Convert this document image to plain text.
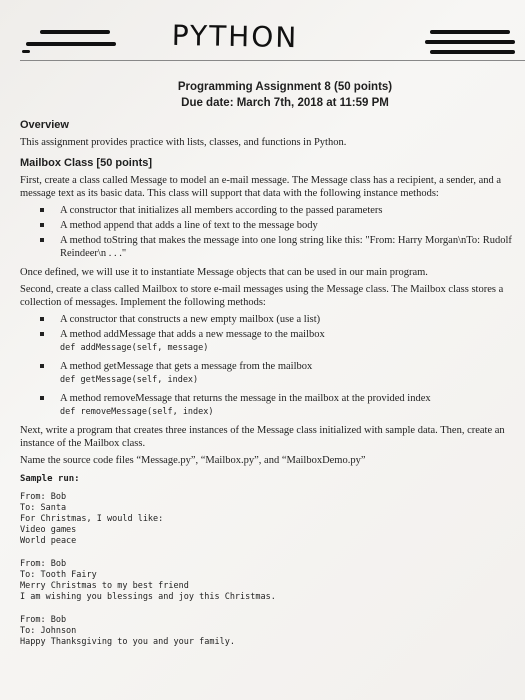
PYTHON
Programming Assignment 8 (50 points)
Due date: March 7th, 2018 at 11:59 PM
Overview

This assignment provides practice with lists, classes, and functions in Python.

Mailbox Class [50 points]

First, create a class called Message to model an e-mail message. The Message class has a recipient, a sender, and a message text as its basic data. This class will support that data with the following instance methods:

A constructor that initializes all members according to the passed parameters
A method append that adds a line of text to the message body
A method toString that makes the message into one long string like this: "From: Harry Morgan\nTo: Rudolf Reindeer\n . . ."

Once defined, we will use it to instantiate Message objects that can be used in our main program.

Second, create a class called Mailbox to store e-mail messages using the Message class. The Mailbox class stores a collection of messages. Implement the following methods:

A constructor that constructs a new empty mailbox (use a list)
A method addMessage that adds a new message to the mailbox
def addMessage(self, message)
A method getMessage that gets a message from the mailbox
def getMessage(self, index)
A method removeMessage that returns the message in the mailbox at the provided index
def removeMessage(self, index)

Next, write a program that creates three instances of the Message class initialized with sample data. Then, create an instance of the Mailbox class.

Name the source code files “Message.py”, “Mailbox.py”, and “MailboxDemo.py”

Sample run:
From: Bob
To: Santa
For Christmas, I would like:
Video games
World peace
From: Bob
To: Tooth Fairy
Merry Christmas to my best friend
I am wishing you blessings and joy this Christmas.
From: Bob
To: Johnson
Happy Thanksgiving to you and your family.
